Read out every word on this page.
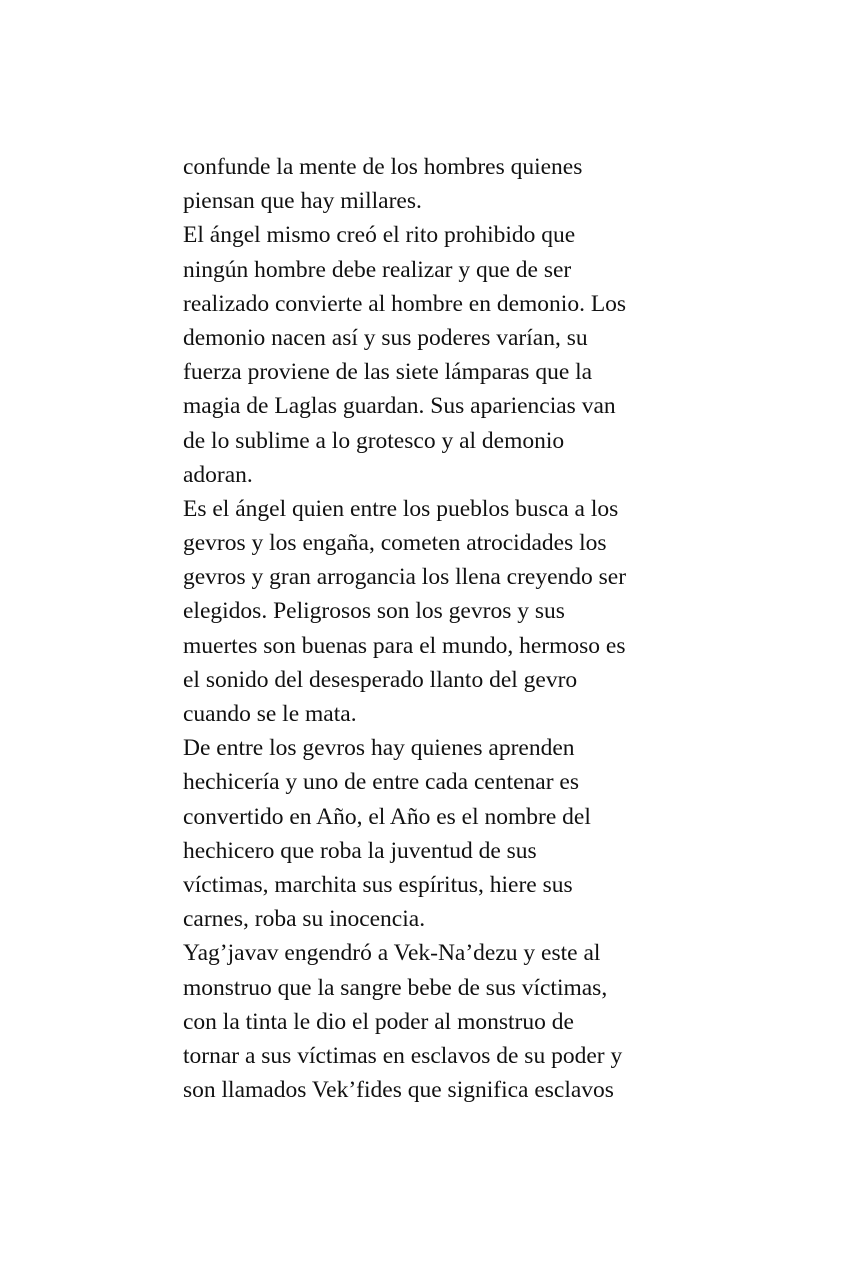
confunde la mente de los hombres quienes
piensan que hay millares.
El ángel mismo creó el rito prohibido que
ningún hombre debe realizar y que de ser
realizado convierte al hombre en demonio. Los
demonio nacen así y sus poderes varían, su
fuerza proviene de las siete lámparas que la
magia de Laglas guardan. Sus apariencias van
de lo sublime a lo grotesco y al demonio
adoran.
Es el ángel quien entre los pueblos busca a los
gevros y los engaña, cometen atrocidades los
gevros y gran arrogancia los llena creyendo ser
elegidos. Peligrosos son los gevros y sus
muertes son buenas para el mundo, hermoso es
el sonido del desesperado llanto del gevro
cuando se le mata.
De entre los gevros hay quienes aprenden
hechicería y uno de entre cada centenar es
convertido en Año, el Año es el nombre del
hechicero que roba la juventud de sus
víctimas, marchita sus espíritus, hiere sus
carnes, roba su inocencia.
Yag’javav engendró a Vek-Na’dezu y este al
monstruo que la sangre bebe de sus víctimas,
con la tinta le dio el poder al monstruo de
tornar a sus víctimas en esclavos de su poder y
son llamados Vek’fides que significa esclavos
